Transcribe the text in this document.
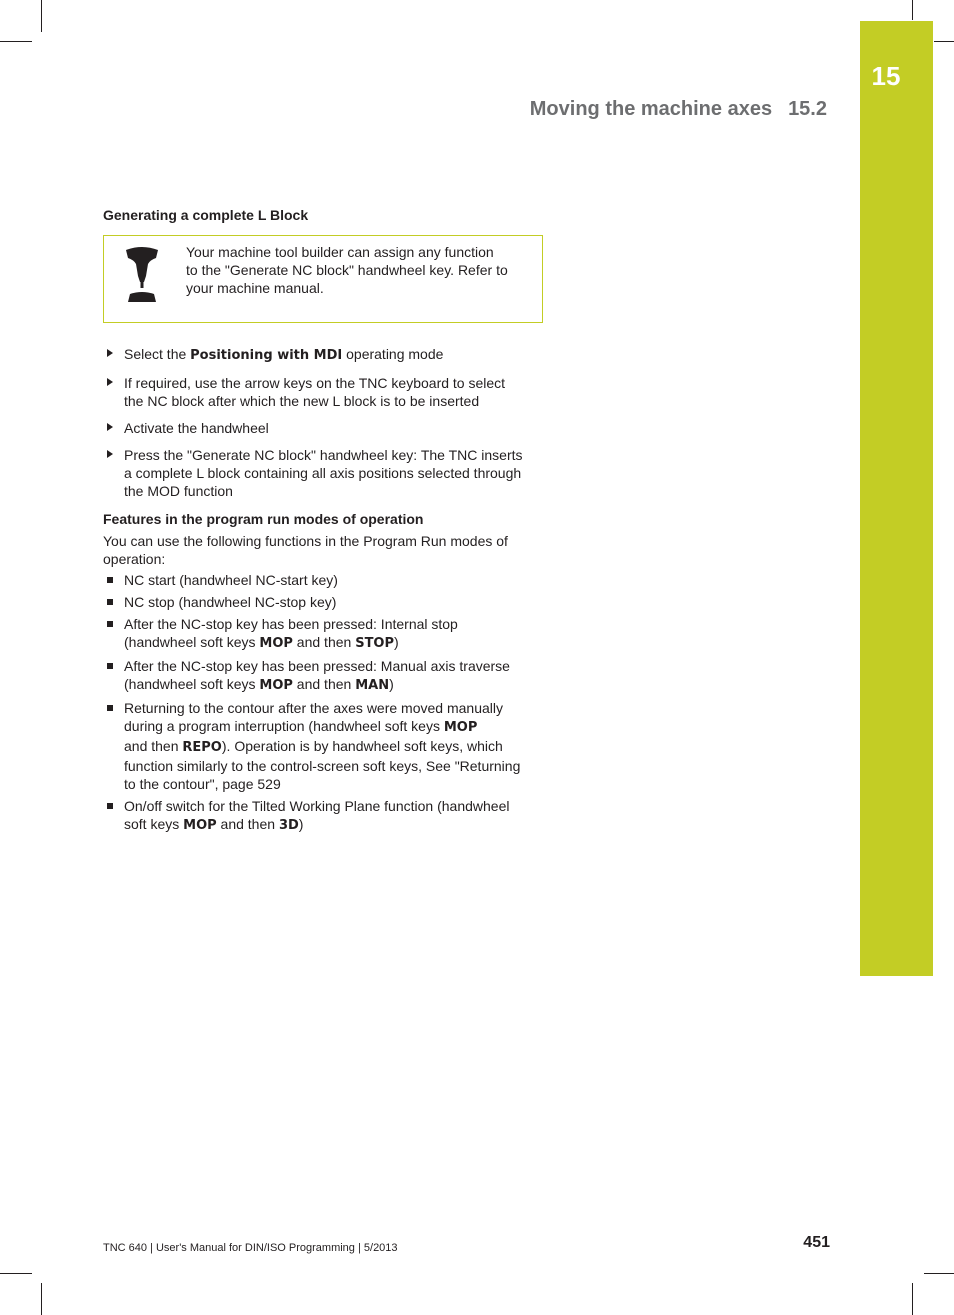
15
Moving the machine axes 15.2
Generating a complete L Block
Your machine tool builder can assign any function
to the "Generate NC block" handwheel key. Refer to
your machine manual.
Select the Positioning with MDI operating mode
If required, use the arrow keys on the TNC keyboard to select
the NC block after which the new L block is to be inserted
Activate the handwheel
Press the "Generate NC block" handwheel key: The TNC inserts
a complete L block containing all axis positions selected through
the MOD function
Features in the program run modes of operation
You can use the following functions in the Program Run modes of
operation:
NC start (handwheel NC-start key)
NC stop (handwheel NC-stop key)
After the NC-stop key has been pressed: Internal stop
(handwheel soft keys MOP and then STOP)
After the NC-stop key has been pressed: Manual axis traverse
(handwheel soft keys MOP and then MAN)
Returning to the contour after the axes were moved manually
during a program interruption (handwheel soft keys MOP
and then REPO). Operation is by handwheel soft keys, which
function similarly to the control-screen soft keys, See "Returning
to the contour", page 529
On/off switch for the Tilted Working Plane function (handwheel
soft keys MOP and then 3D)
TNC 640 | User's Manual for DIN/ISO Programming | 5/2013	451
